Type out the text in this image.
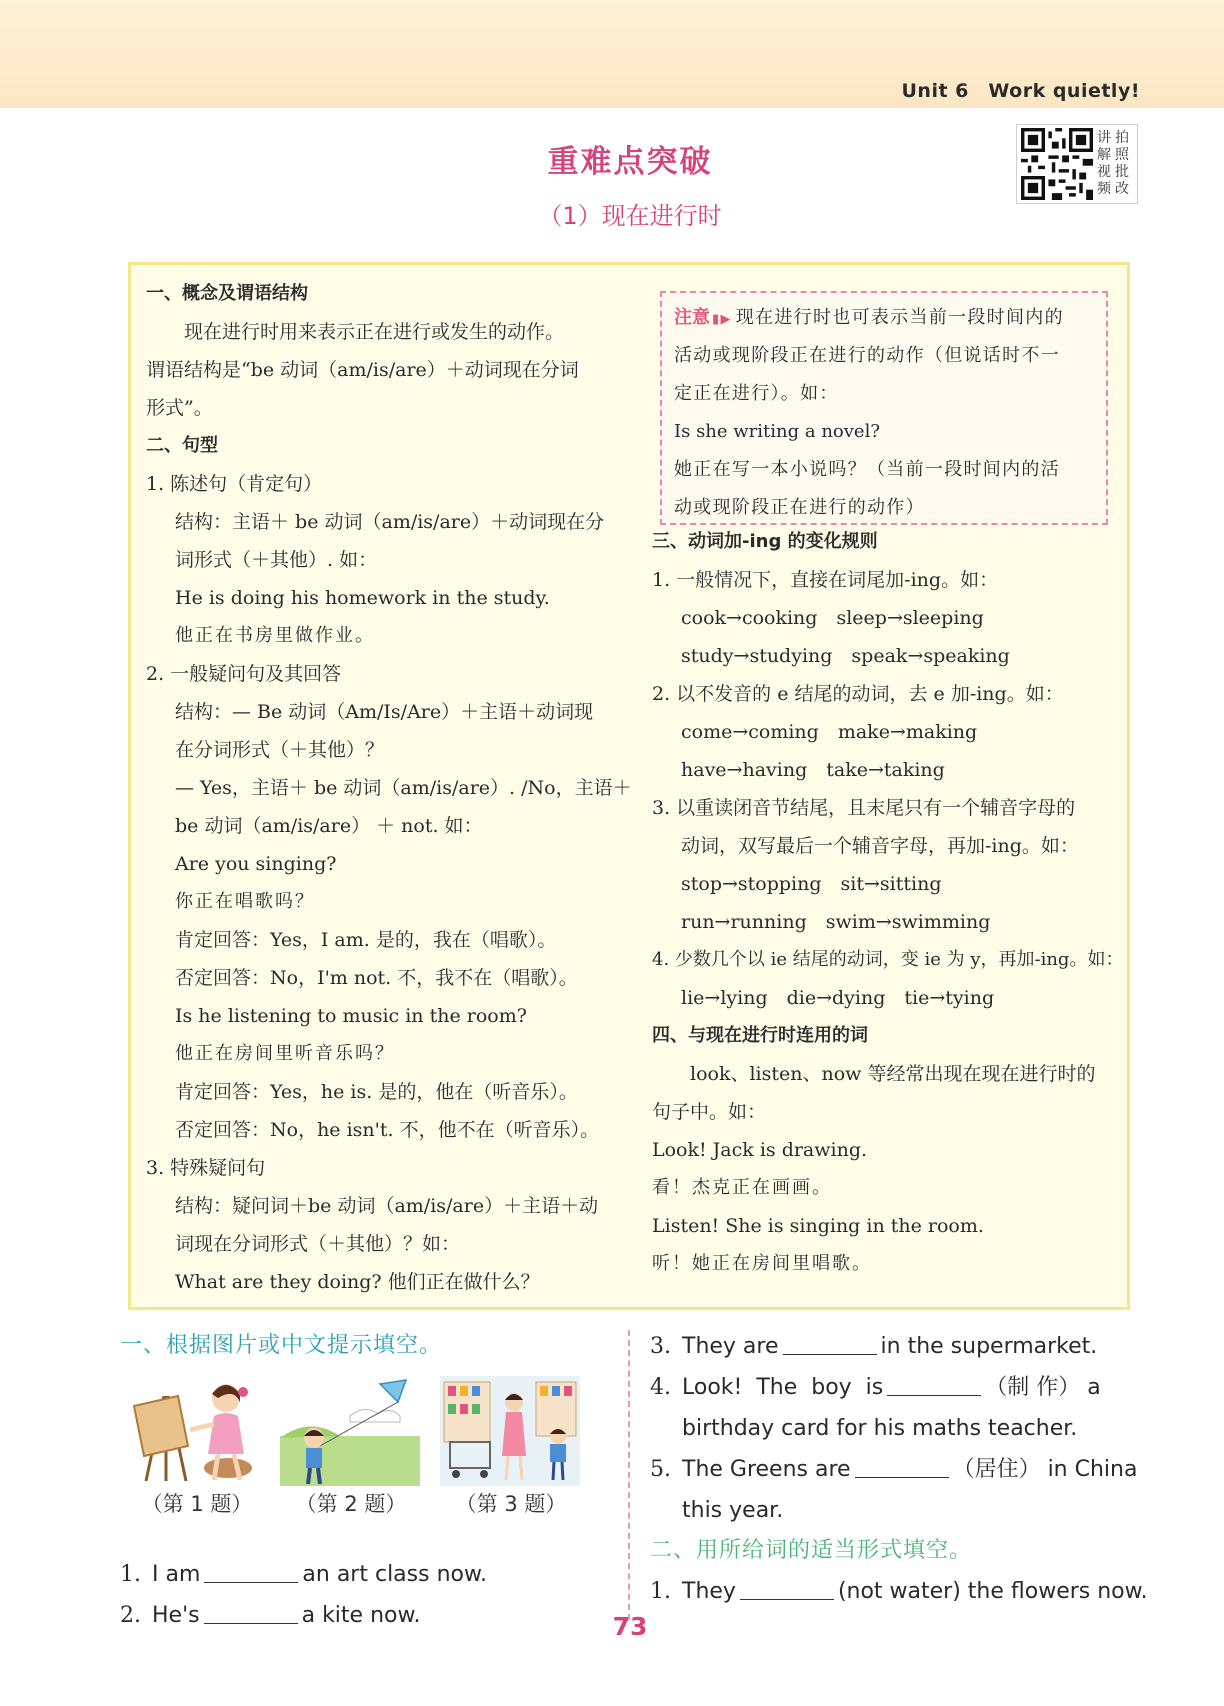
Unit 6　Work quietly!
重难点突破
（1）现在进行时
讲 拍
解 照
视 批
频 改
一、概念及谓语结构
现在进行时用来表示正在进行或发生的动作。
谓语结构是“be 动词（am/is/are）＋动词现在分词
形式”。
二、句型
1. 陈述句（肯定句）
结构：主语＋ be 动词（am/is/are）＋动词现在分
词形式（＋其他）. 如：
He is doing his homework in the study.
他正在书房里做作业。
2. 一般疑问句及其回答
结构：— Be 动词（Am/Is/Are）＋主语＋动词现
在分词形式（＋其他）？
— Yes，主语＋ be 动词（am/is/are）. /No，主语＋
be 动词（am/is/are） ＋ not. 如：
Are you singing?
你正在唱歌吗？
肯定回答：Yes，I am. 是的，我在（唱歌）。
否定回答：No，I'm not. 不，我不在（唱歌）。
Is he listening to music in the room?
他正在房间里听音乐吗？
肯定回答：Yes，he is. 是的，他在（听音乐）。
否定回答：No，he isn't. 不，他不在（听音乐）。
3. 特殊疑问句
结构：疑问词＋be 动词（am/is/are）＋主语＋动
词现在分词形式（＋其他）？如：
What are they doing? 他们正在做什么？
注意 ▮▶ 现在进行时也可表示当前一段时间内的
活动或现阶段正在进行的动作（但说话时不一
定正在进行）。如：
Is she writing a novel?
她正在写一本小说吗？（当前一段时间内的活
动或现阶段正在进行的动作）
三、动词加-ing 的变化规则
1. 一般情况下，直接在词尾加-ing。如：
cook→cooking　sleep→sleeping
study→studying　speak→speaking
2. 以不发音的 e 结尾的动词，去 e 加-ing。如：
come→coming　make→making
have→having　take→taking
3. 以重读闭音节结尾，且末尾只有一个辅音字母的
动词，双写最后一个辅音字母，再加-ing。如：
stop→stopping　sit→sitting
run→running　swim→swimming
4. 少数几个以 ie 结尾的动词，变 ie 为 y，再加-ing。如：
lie→lying　die→dying　tie→tying
四、与现在进行时连用的词
look、listen、now 等经常出现在现在进行时的
句子中。如：
Look! Jack is drawing.
看！杰克正在画画。
Listen! She is singing in the room.
听！她正在房间里唱歌。
（第 1 题）	（第 2 题）	（第 3 题）
一、根据图片或中文提示填空。
1. I am	an art class now.
2. He's	a kite now.
3. They are	in the supermarket.
4. Look!  The  boy  is	（制 作） a
birthday card for his maths teacher.
5. The Greens are	（居住） in China
this year.
二、用所给词的适当形式填空。
1. They	(not water) the flowers now.
73
